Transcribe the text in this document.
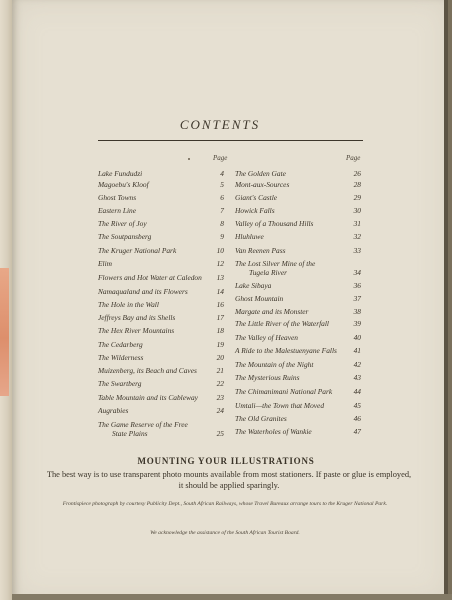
CONTENTS
Page	Page
Lake Fundudzi	4
Magoebu's Kloof	5
Ghost Towns	6
Eastern Line	7
The River of Joy	8
The Soutpansberg	9
The Kruger National Park	10
Elim	12
Flowers and Hot Water at Caledon	13
Namaqualand and its Flowers	14
The Hole in the Wall	16
Jeffreys Bay and its Shells	17
The Hex River Mountains	18
The Cedarberg	19
The Wilderness	20
Muizenberg, its Beach and Caves	21
The Swartberg	22
Table Mountain and its Cableway	23
Augrabies	24
The Game Reserve of the Free
State Plains	25
The Golden Gate	26
Mont-aux-Sources	28
Giant's Castle	29
Howick Falls	30
Valley of a Thousand Hills	31
Hluhluwe	32
Van Reenen Pass	33
The Lost Silver Mine of the
Tugela River	34
Lake Sibaya	36
Ghost Mountain	37
Margate and its Monster	38
The Little River of the Waterfall	39
The Valley of Heaven	40
A Ride to the Malestuenyane Falls	41
The Mountain of the Night	42
The Mysterious Ruins	43
The Chimanimani National Park	44
Umtali—the Town that Moved	45
The Old Granites	46
The Waterholes of Wankie	47
MOUNTING YOUR ILLUSTRATIONS
The best way is to use transparent photo mounts available from most stationers. If paste or glue is employed, it should be applied sparingly.
Frontispiece photograph by courtesy Publicity Dept., South African Railways, whose Travel Bureaux arrange tours to the Kruger National Park.
We acknowledge the assistance of the South African Tourist Board.
